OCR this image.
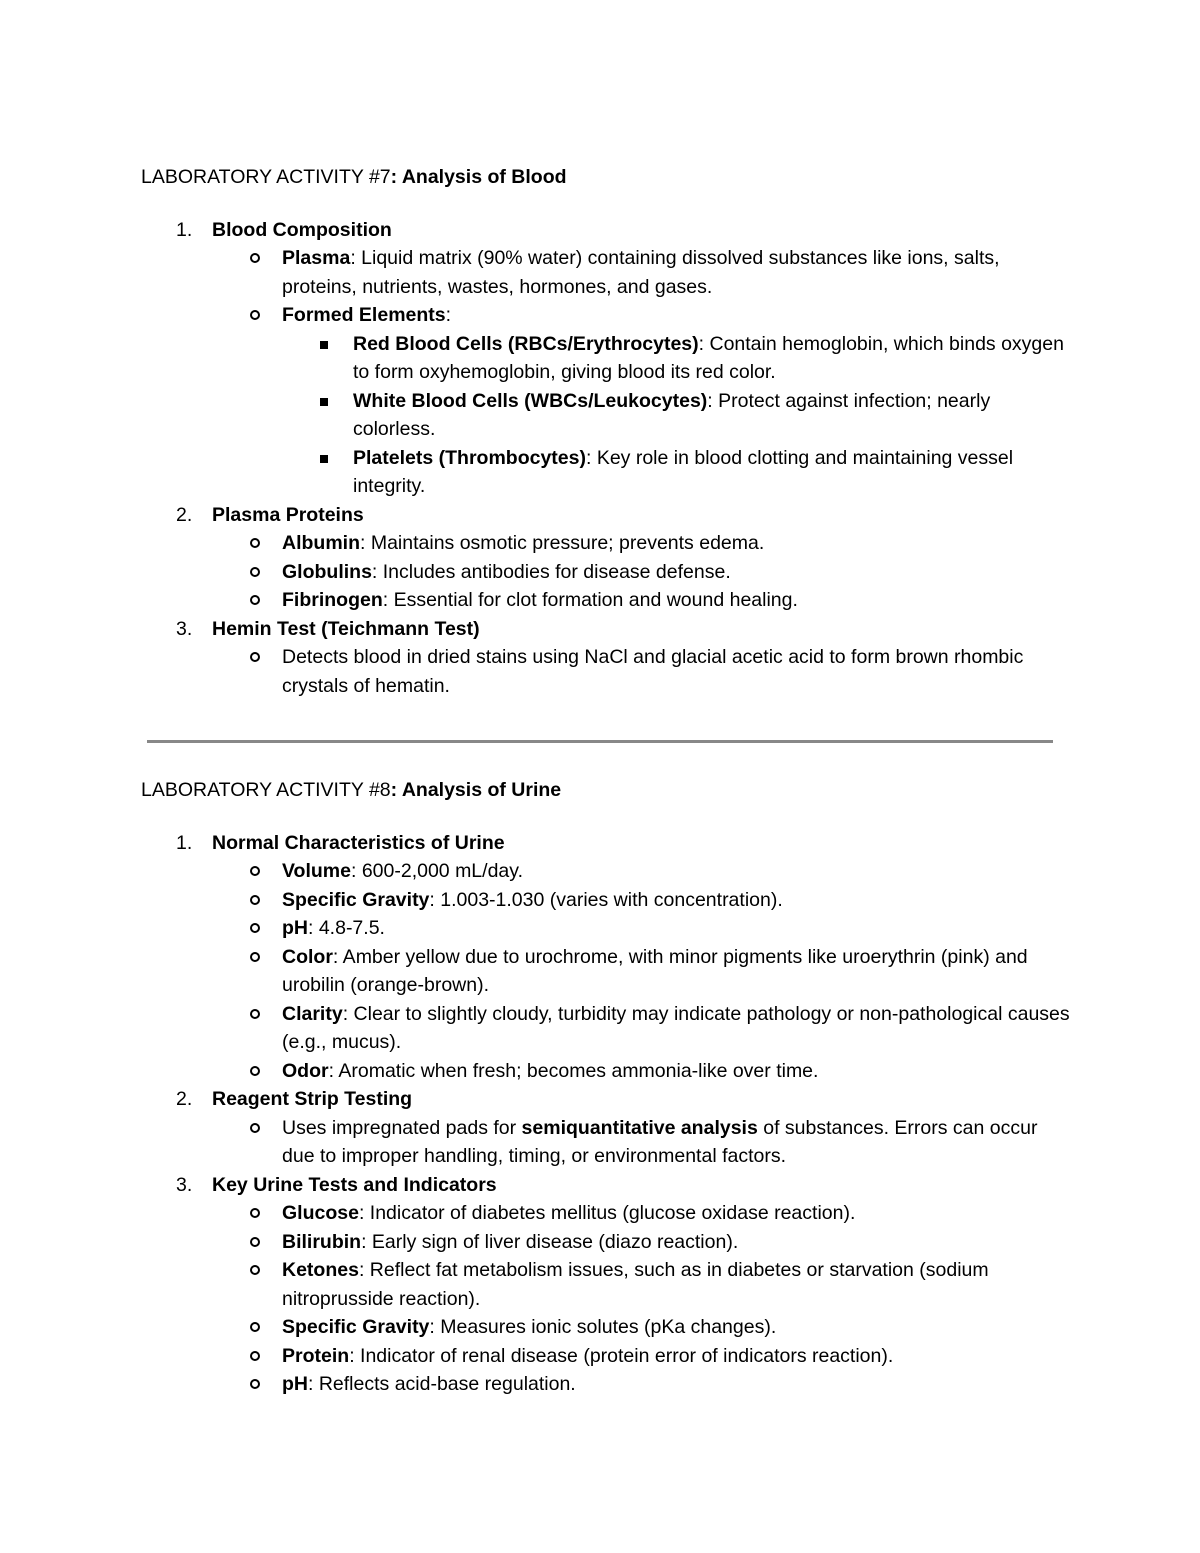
LABORATORY ACTIVITY #7: Analysis of Blood

1. Blood Composition
Plasma: Liquid matrix (90% water) containing dissolved substances like ions, salts, proteins, nutrients, wastes, hormones, and gases.
Formed Elements:
Red Blood Cells (RBCs/Erythrocytes): Contain hemoglobin, which binds oxygen to form oxyhemoglobin, giving blood its red color.
White Blood Cells (WBCs/Leukocytes): Protect against infection; nearly colorless.
Platelets (Thrombocytes): Key role in blood clotting and maintaining vessel integrity.
2. Plasma Proteins
Albumin: Maintains osmotic pressure; prevents edema.
Globulins: Includes antibodies for disease defense.
Fibrinogen: Essential for clot formation and wound healing.
3. Hemin Test (Teichmann Test)
Detects blood in dried stains using NaCl and glacial acetic acid to form brown rhombic crystals of hematin.

LABORATORY ACTIVITY #8: Analysis of Urine

1. Normal Characteristics of Urine
Volume: 600-2,000 mL/day.
Specific Gravity: 1.003-1.030 (varies with concentration).
pH: 4.8-7.5.
Color: Amber yellow due to urochrome, with minor pigments like uroerythrin (pink) and urobilin (orange-brown).
Clarity: Clear to slightly cloudy, turbidity may indicate pathology or non-pathological causes (e.g., mucus).
Odor: Aromatic when fresh; becomes ammonia-like over time.
2. Reagent Strip Testing
Uses impregnated pads for semiquantitative analysis of substances. Errors can occur due to improper handling, timing, or environmental factors.
3. Key Urine Tests and Indicators
Glucose: Indicator of diabetes mellitus (glucose oxidase reaction).
Bilirubin: Early sign of liver disease (diazo reaction).
Ketones: Reflect fat metabolism issues, such as in diabetes or starvation (sodium nitroprusside reaction).
Specific Gravity: Measures ionic solutes (pKa changes).
Protein: Indicator of renal disease (protein error of indicators reaction).
pH: Reflects acid-base regulation.
